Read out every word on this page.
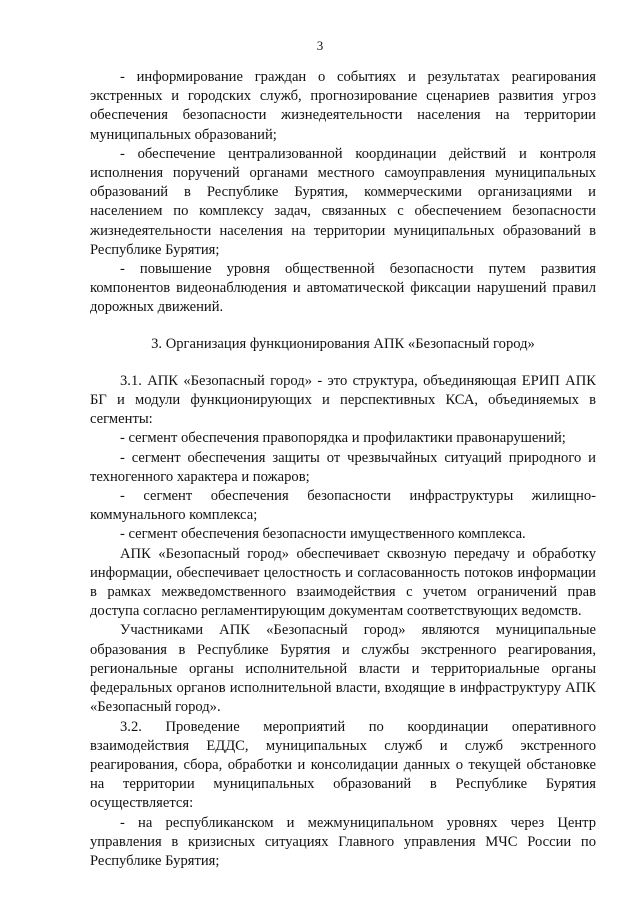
3

- информирование граждан о событиях и результатах реагирования экстренных и городских служб, прогнозирование сценариев развития угроз обеспечения безопасности жизнедеятельности населения на территории муниципальных образований;

- обеспечение централизованной координации действий и контроля исполнения поручений органами местного самоуправления муниципальных образований в Республике Бурятия, коммерческими организациями и населением по комплексу задач, связанных с обеспечением безопасности жизнедеятельности населения на территории муниципальных образований в Республике Бурятия;

- повышение уровня общественной безопасности путем развития компонентов видеонаблюдения и автоматической фиксации нарушений правил дорожных движений.

3. Организация функционирования АПК «Безопасный город»

3.1. АПК «Безопасный город» - это структура, объединяющая ЕРИП АПК БГ и модули функционирующих и перспективных КСА, объединяемых в сегменты:

- сегмент обеспечения правопорядка и профилактики правонарушений;

- сегмент обеспечения защиты от чрезвычайных ситуаций природного и техногенного характера и пожаров;

- сегмент обеспечения безопасности инфраструктуры жилищно-коммунального комплекса;

- сегмент обеспечения безопасности имущественного комплекса.

АПК «Безопасный город» обеспечивает сквозную передачу и обработку информации, обеспечивает целостность и согласованность потоков информации в рамках межведомственного взаимодействия с учетом ограничений прав доступа согласно регламентирующим документам соответствующих ведомств.

Участниками АПК «Безопасный город» являются муниципальные образования в Республике Бурятия и службы экстренного реагирования, региональные органы исполнительной власти и территориальные органы федеральных органов исполнительной власти, входящие в инфраструктуру АПК «Безопасный город».

3.2. Проведение мероприятий по координации оперативного взаимодействия ЕДДС, муниципальных служб и служб экстренного реагирования, сбора, обработки и консолидации данных о текущей обстановке на территории муниципальных образований в Республике Бурятия осуществляется:

- на республиканском и межмуниципальном уровнях через Центр управления в кризисных ситуациях Главного управления МЧС России по Республике Бурятия;
